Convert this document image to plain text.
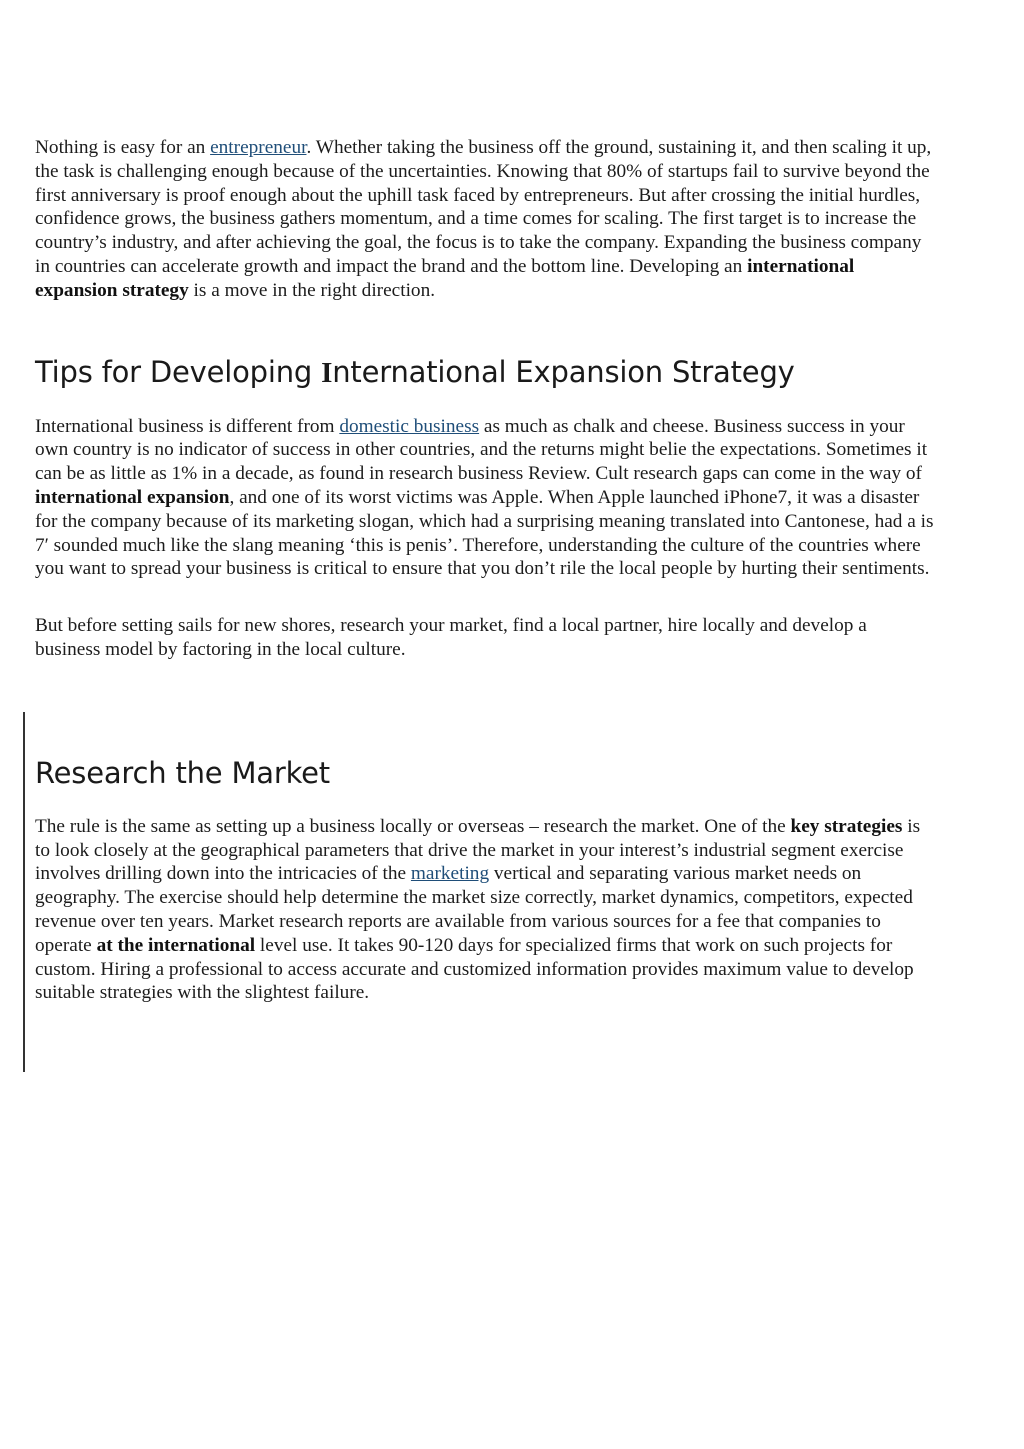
Nothing is easy for an entrepreneur. Whether taking the business off the ground, sustaining it, and then scaling it up, the task is challenging enough because of the uncertainties. Knowing that 80% of startups fail to survive beyond the first anniversary is proof enough about the uphill task faced by entrepreneurs. But after crossing the initial hurdles, confidence grows, the business gathers momentum, and a time comes for scaling. The first target is to increase the country’s industry, and after achieving the goal, the focus is to take the company. Expanding the business company in countries can accelerate growth and impact the brand and the bottom line. Developing an international expansion strategy is a move in the right direction.

Tips for Developing International Expansion Strategy

International business is different from domestic business as much as chalk and cheese. Business success in your own country is no indicator of success in other countries, and the returns might belie the expectations. Sometimes it can be as little as 1% in a decade, as found in research business Review. Cult research gaps can come in the way of international expansion, and one of its worst victims was Apple. When Apple launched iPhone7, it was a disaster for the company because of its marketing slogan, which had a surprising meaning translated into Cantonese, had a is 7′ sounded much like the slang meaning ‘this is penis’. Therefore, understanding the culture of the countries where you want to spread your business is critical to ensure that you don’t rile the local people by hurting their sentiments.

But before setting sails for new shores, research your market, find a local partner, hire locally and develop a business model by factoring in the local culture.

Research the Market

The rule is the same as setting up a business locally or overseas – research the market. One of the key strategies is to look closely at the geographical parameters that drive the market in your interest’s industrial segment exercise involves drilling down into the intricacies of the marketing vertical and separating various market needs on geography. The exercise should help determine the market size correctly, market dynamics, competitors, expected revenue over ten years. Market research reports are available from various sources for a fee that companies to operate at the international level use. It takes 90-120 days for specialized firms that work on such projects for custom. Hiring a professional to access accurate and customized information provides maximum value to develop suitable strategies with the slightest failure.
